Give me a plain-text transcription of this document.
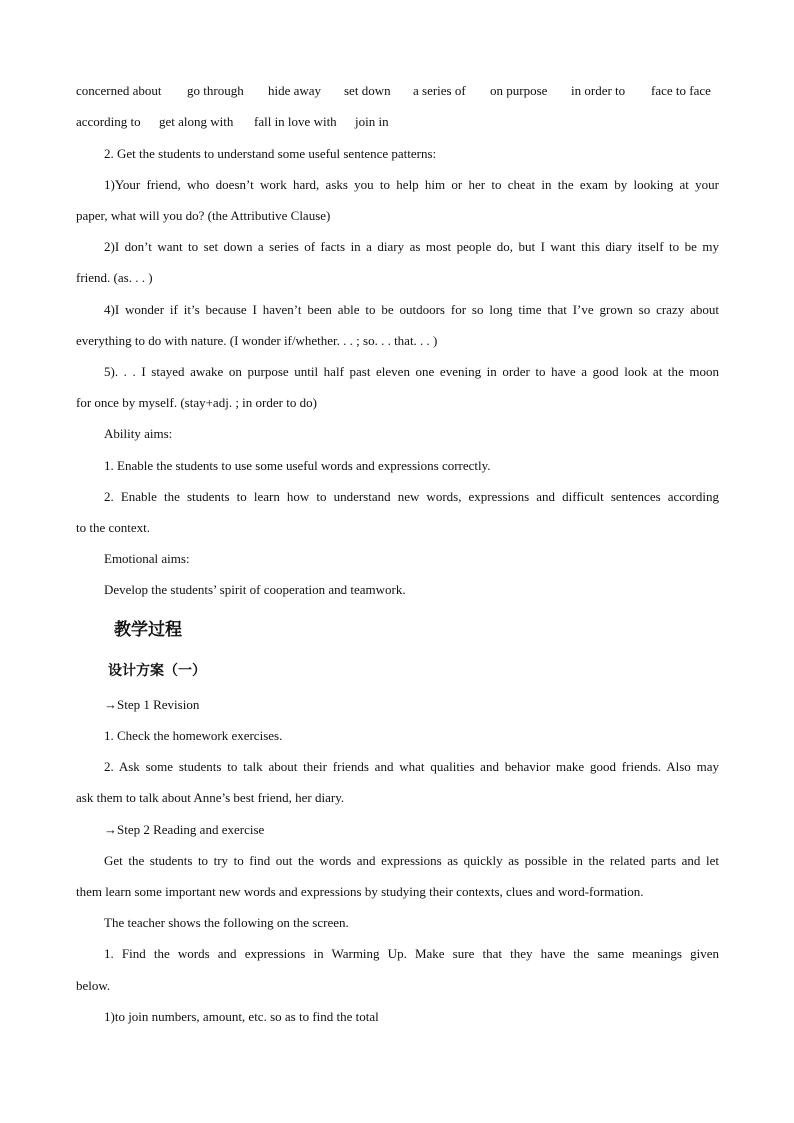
concerned about go through hide away set down a series of on purpose in order to face to face
according to get along with fall in love with join in
2. Get the students to understand some useful sentence patterns:
1)Your friend, who doesn’t work hard, asks you to help him or her to cheat in the exam by looking at your
paper, what will you do? (the Attributive Clause)
2)I don’t want to set down a series of facts in a diary as most people do, but I want this diary itself to be my
friend. (as. . . )
4)I wonder if it’s because I haven’t been able to be outdoors for so long time that I’ve grown so crazy about
everything to do with nature. (I wonder if/whether. . . ; so. . . that. . . )
5). . . I stayed awake on purpose until half past eleven one evening in order to have a good look at the moon
for once by myself. (stay+adj. ; in order to do)
Ability aims:
1. Enable the students to use some useful words and expressions correctly.
2. Enable the students to learn how to understand new words, expressions and difficult sentences according
to the context.
Emotional aims:
Develop the students’ spirit of cooperation and teamwork.
教学过程
设计方案（一）
→Step 1 Revision
1. Check the homework exercises.
2. Ask some students to talk about their friends and what qualities and behavior make good friends. Also may
ask them to talk about Anne’s best friend, her diary.
→Step 2 Reading and exercise
Get the students to try to find out the words and expressions as quickly as possible in the related parts and let
them learn some important new words and expressions by studying their contexts, clues and word-formation.
The teacher shows the following on the screen.
1. Find the words and expressions in Warming Up. Make sure that they have the same meanings given
below.
1)to join numbers, amount, etc. so as to find the total
